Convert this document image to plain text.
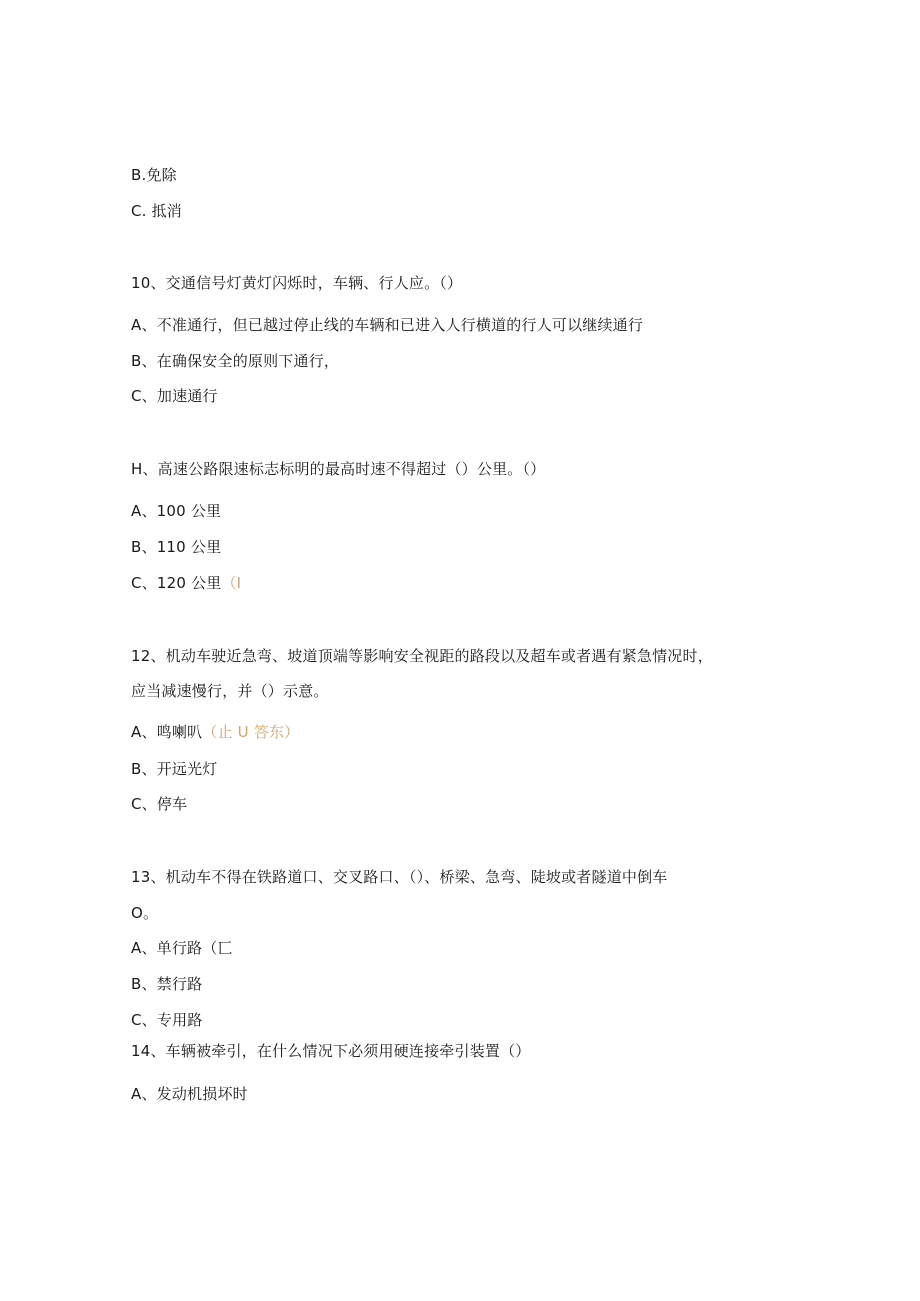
B.免除
C. 抵消
10、交通信号灯黄灯闪烁时，车辆、行人应。（）
A、不准通行，但已越过停止线的车辆和已进入人行横道的行人可以继续通行
B、在确保安全的原则下通行，
C、加速通行
H、高速公路限速标志标明的最高时速不得超过（）公里。（）
A、100 公里
B、110 公里
C、120 公里（I
12、机动车驶近急弯、坡道顶端等影响安全视距的路段以及超车或者遇有紧急情况时，
应当减速慢行，并（）示意。
A、鸣喇叭（止 U 答东）
B、开远光灯
C、停车
13、机动车不得在铁路道口、交叉路口、（）、桥梁、急弯、陡坡或者隧道中倒车
O。
A、单行路（匸
B、禁行路
C、专用路
14、车辆被牵引，在什么情况下必须用硬连接牵引装置（）
A、发动机损坏时
